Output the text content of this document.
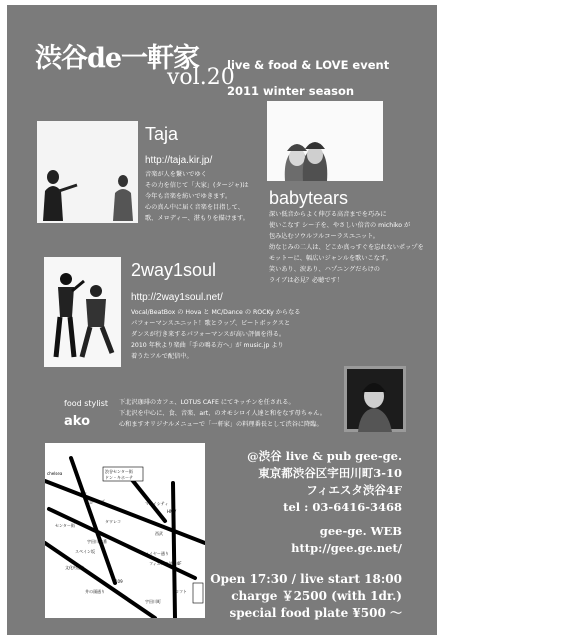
渋谷de一軒家
vol.20
live & food & LOVE event
2011 winter season
Taja
http://taja.kir.jp/
音楽が人を繋いでゆく
その力を信じて「大家」(タージャ)は
今年も音楽を紡いでゆきます。
心の真ん中に届く音楽を目指して、
歌、メロディー、湛もりを描けます。
babytears
深い低音からよく伸びる高音までを巧みに
使いこなす シー子を、やさしい倍音の michiko が
包み込むソウルフルコーラスユニット。
幼なじみの二人は、どこか真っすぐを忘れないポップを
モットーに、幅広いジャンルを歌いこなす。
笑いあり、涙あり、ハプニングだらけの
ライブは必見？必聴です！
2way1soul
http://2way1soul.net/
Vocal/BeatBox の Hova と MC/Dance の ROCKy からなる
パフォーマンスユニット！歌とラップ、ビートボックスと
ダンスが行き来するパフォーマンスが高い評価を得る。
2010 年秋より楽曲「手の鳴る方へ」が music.jp より
着うたフルで配信中。
food stylist
ako
下北沢珈琲のカフェ、LOTUS CAFE にてキッチンを任される。
下北沢を中心に、食、音楽、art、のオモシロイ人達と和をなす母ちゃん。
心和ますオリジナルメニューで「一軒家」の料理番長として渋谷に降臨。
chelsea	渋谷センター街
ドン・キホーテ
パルコ
東急ハンズ	マルイシティ
HMV
タワレコ
西武
109
宇田川交番
スペイン坂	ファイヤー通り
文化村通り
井の頭通り
フィエスタ渋谷4F
宇田川町
センター街
ロフト
@渋谷 live & pub gee-ge.
東京都渋谷区宇田川町3-10
フィエスタ渋谷4F
tel : 03-6416-3468
gee-ge. WEB
http://gee.ge.net/
Open 17:30 / live start 18:00
charge ￥2500 (with 1dr.)
special food plate ¥500 ～
